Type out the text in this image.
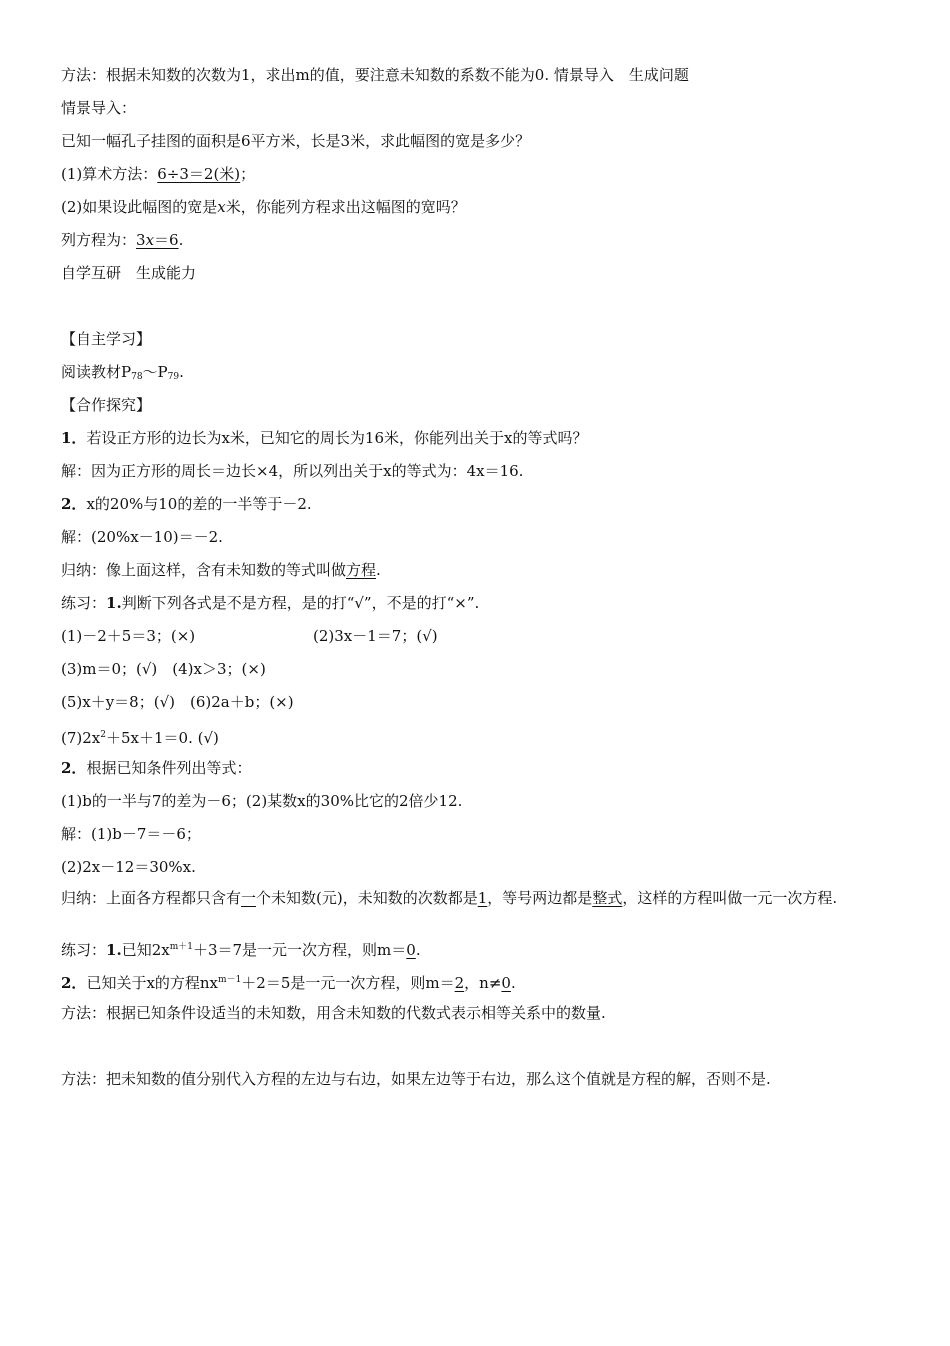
方法：根据未知数的次数为1，求出m的值，要注意未知数的系数不能为0. 情景导入　生成问题
情景导入：
已知一幅孔子挂图的面积是6平方米，长是3米，求此幅图的宽是多少？
(1)算术方法：6÷3＝2(米)；
(2)如果设此幅图的宽是x米，你能列方程求出这幅图的宽吗？
列方程为：3x＝6.
自学互研　生成能力
【自主学习】
阅读教材$P_{78}\sim P_{79}$.
【合作探究】
1．若设正方形的边长为x米，已知它的周长为16米，你能列出关于x的等式吗？
解：因为正方形的周长＝边长×4，所以列出关于x的等式为：4x＝16.
2．x的20%与10的差的一半等于－2.
解：(20%x－10)＝－2.
归纳：像上面这样，含有未知数的等式叫做方程.
练习：1.判断下列各式是不是方程，是的打“√”，不是的打“×”.
(1)－2＋5＝3；(×)	(2)3x－1＝7；(√)
(3)m＝0；(√)　(4)x＞3；(×)
(5)x＋y＝8；(√)　(6)2a＋b；(×)
$(7)2x^2+5x+1=0$. (√)
2．根据已知条件列出等式：
(1)b的一半与7的差为－6；(2)某数x的30%比它的2倍少12.
解：(1)b－7＝－6；
(2)2x－12＝30%x.
归纳：上面各方程都只含有一个未知数(元)，未知数的次数都是1，等号两边都是整式，这样的方程叫做一元一次方程.
练习：1.已知$2x^{m+1}+3=7$是一元一次方程，则m＝0.
2．已知关于x的方程$nx^{m-1}+2=5$是一元一次方程，则m＝2，n≠0.
方法：根据已知条件设适当的未知数，用含未知数的代数式表示相等关系中的数量.
方法：把未知数的值分别代入方程的左边与右边，如果左边等于右边，那么这个值就是方程的解，否则不是.
